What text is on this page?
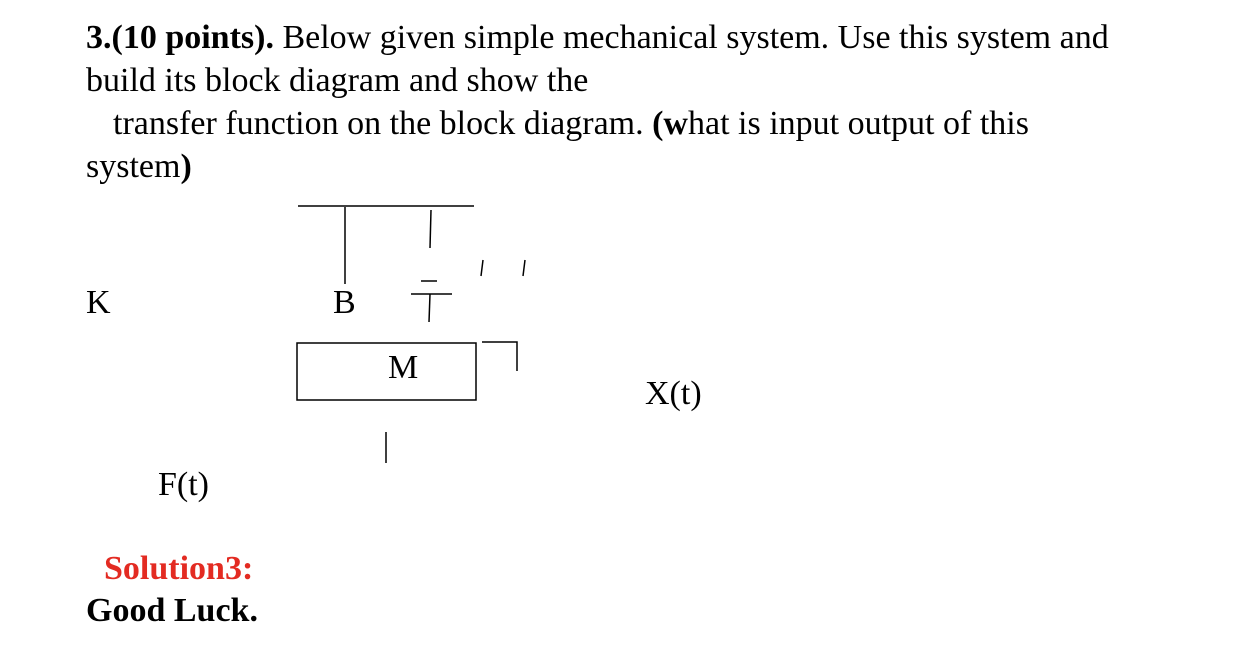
3.(10 points). Below given simple mechanical system. Use this system and
build its block diagram and show the
transfer function on the block diagram. (what is input output of this
system)
K	B
M
X(t)
F(t)
Solution3:
Good Luck.
